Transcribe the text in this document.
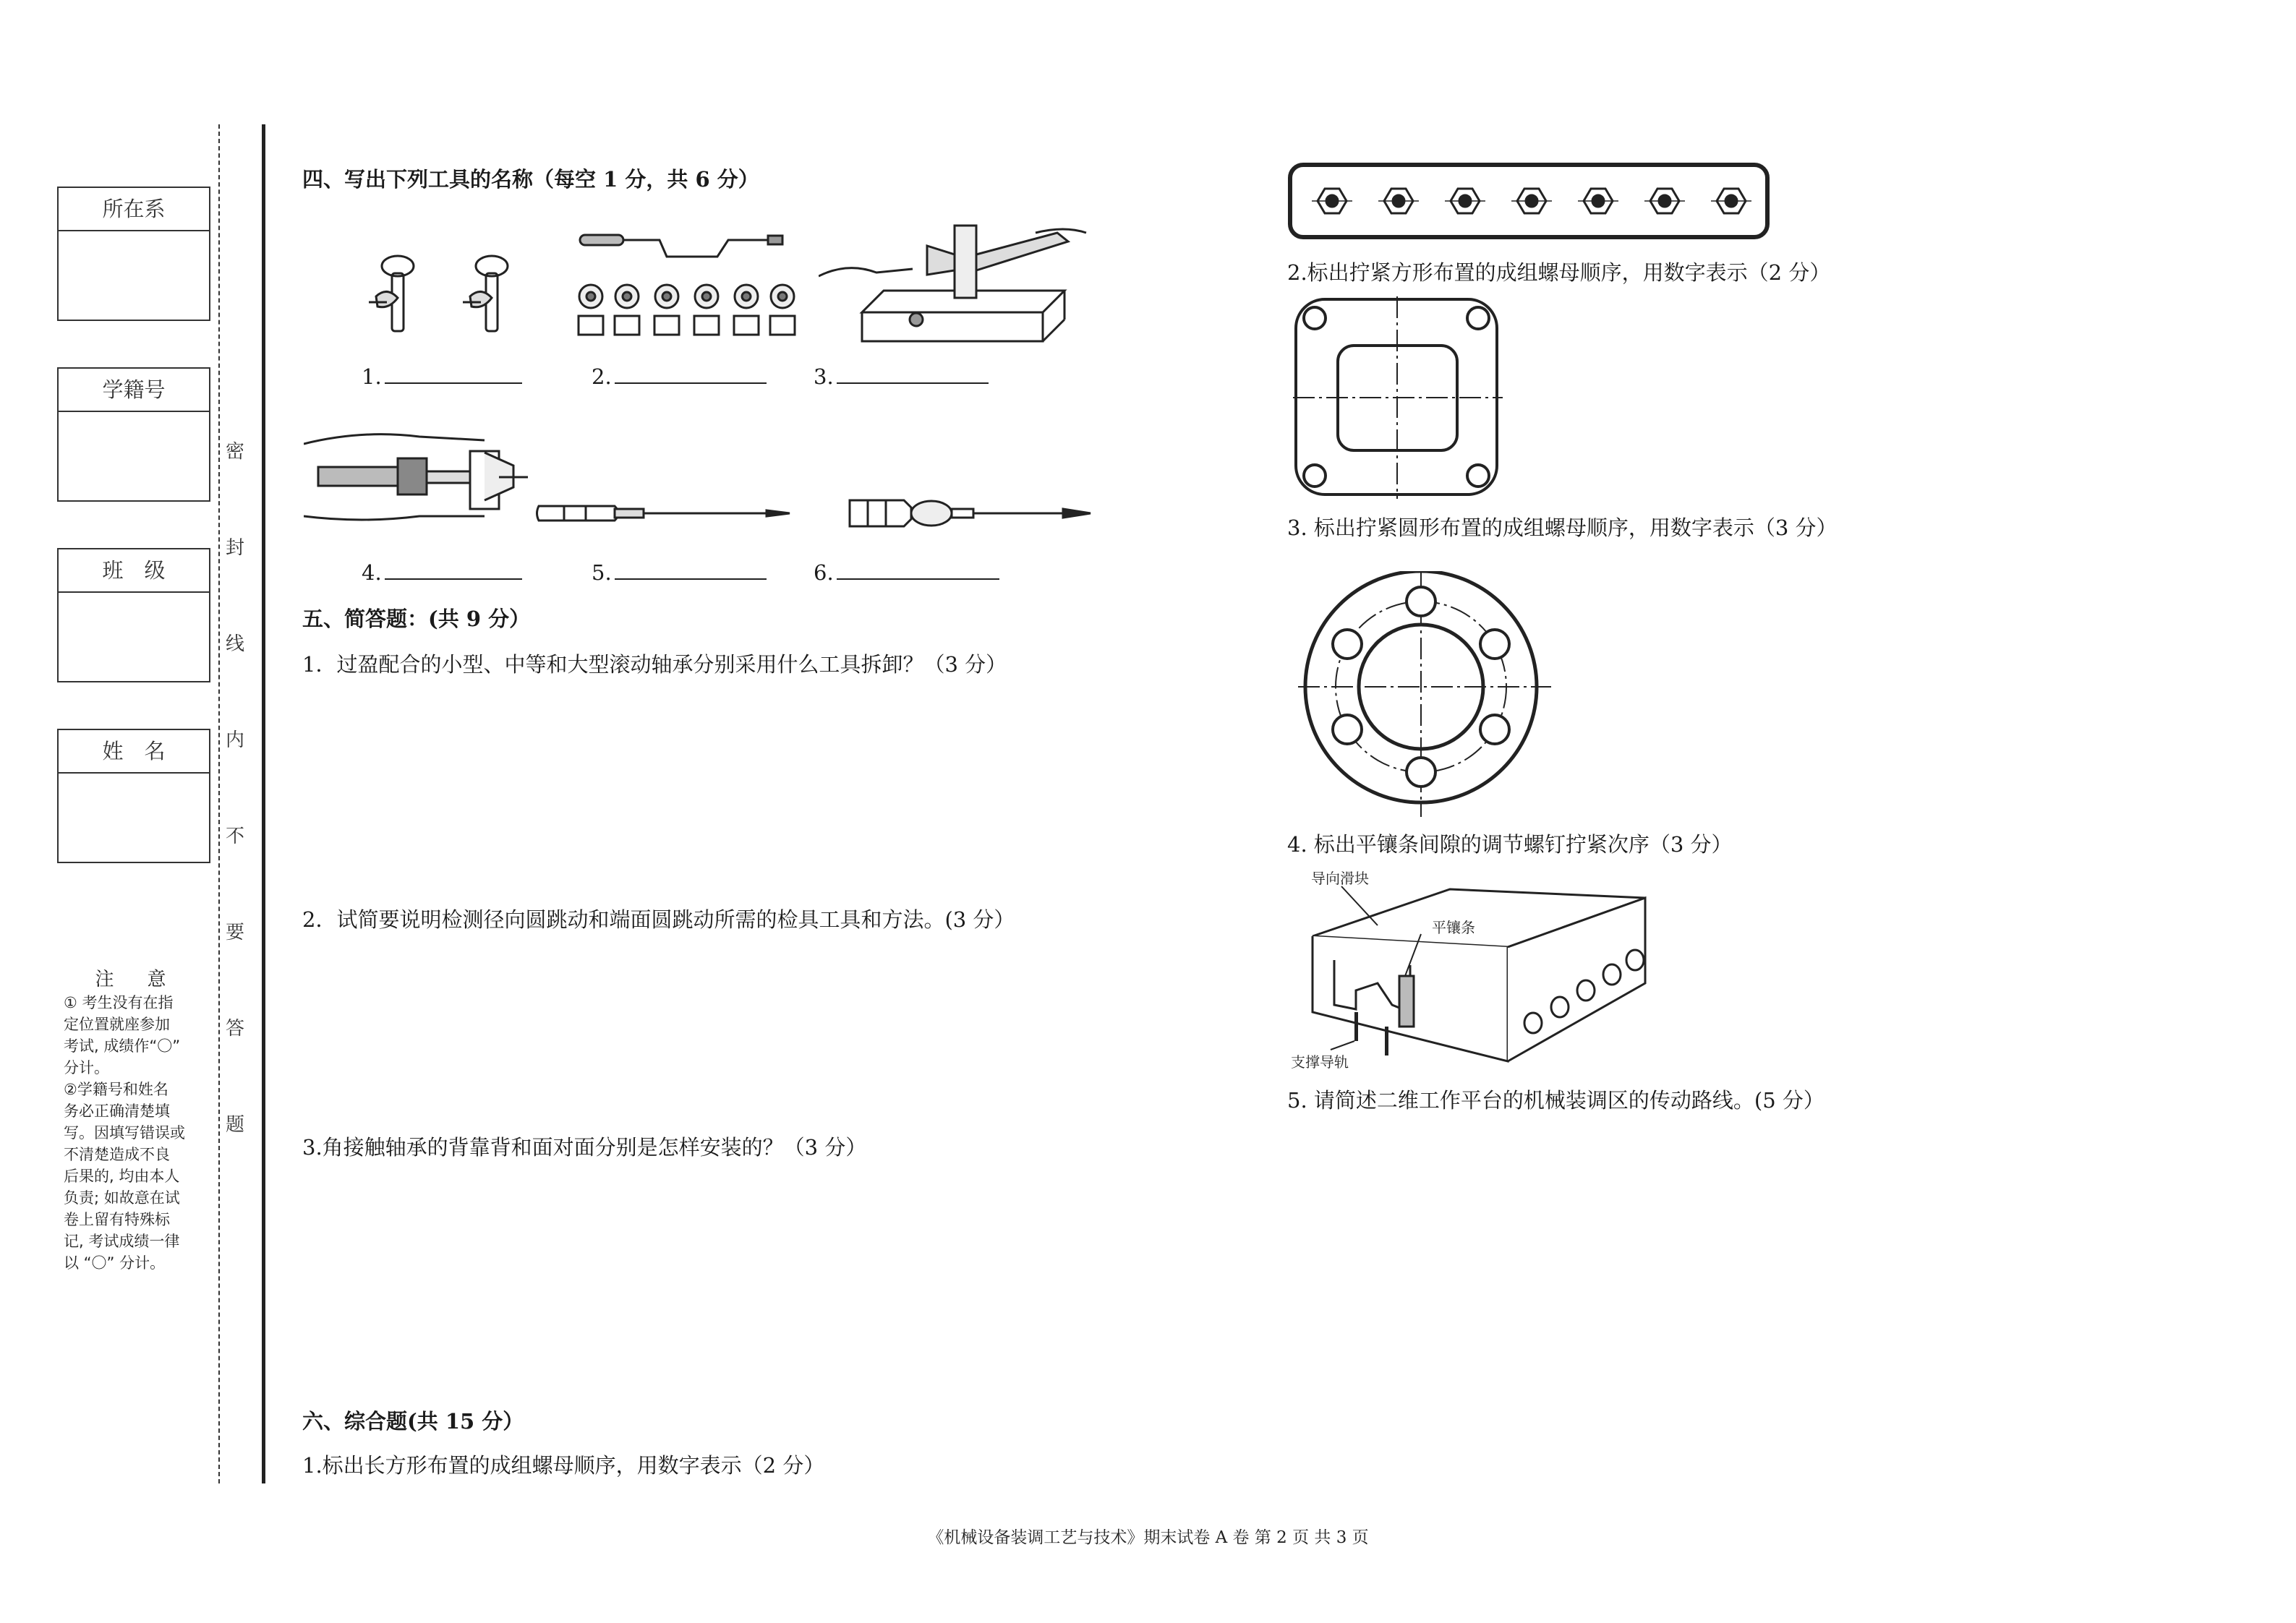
所在系
学籍号
班　级
姓　名
注　意
① 考生没有在指
定位置就座参加
考试, 成绩作“〇”
分计。
②学籍号和姓名
务必正确清楚填
写。因填写错误或
不清楚造成不良
后果的, 均由本人
负责; 如故意在试
卷上留有特殊标
记, 考试成绩一律
以 “〇” 分计。
密
封
线
内
不
要
答
题
四、写出下列工具的名称（每空 1 分，共 6 分）
1.	2.	3.
4.	5.	6.
五、简答题：(共 9 分）
1．过盈配合的小型、中等和大型滚动轴承分别采用什么工具拆卸？（3 分）
2．试简要说明检测径向圆跳动和端面圆跳动所需的检具工具和方法。(3 分）
3.角接触轴承的背靠背和面对面分别是怎样安装的？（3 分）
六、综合题(共 15 分）
1.标出长方形布置的成组螺母顺序，用数字表示（2 分）
2.标出拧紧方形布置的成组螺母顺序，用数字表示（2 分）
3. 标出拧紧圆形布置的成组螺母顺序，用数字表示（3 分）
4. 标出平镶条间隙的调节螺钉拧紧次序（3 分）
导向滑块
平镶条
支撑导轨
5. 请简述二维工作平台的机械装调区的传动路线。(5 分）
《机械设备装调工艺与技术》期末试卷 A 卷 第 2 页 共 3 页
